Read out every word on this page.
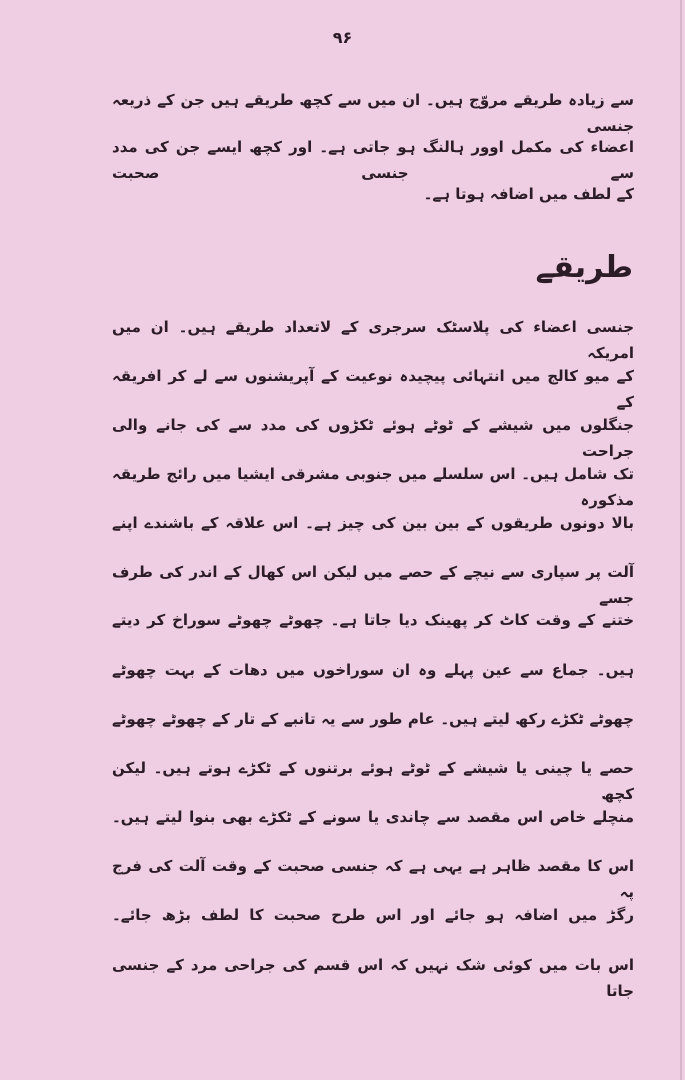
۹۶
سے زیادہ طریقے مروّج ہیں۔ ان میں سے کچھ طریقے ہیں جن کے ذریعہ جنسی
اعضاء کی مکمل اوور ہالنگ ہو جاتی ہے۔ اور کچھ ایسے جن کی مدد سے جنسی صحبت
کے لطف میں اضافہ ہوتا ہے۔
طریقے
جنسی اعضاء کی پلاسٹک سرجری کے لاتعداد طریقے ہیں۔ ان میں امریکہ
کے میو کالج میں انتہائی پیچیدہ نوعیت کے آپریشنوں سے لے کر افریقہ کے
جنگلوں میں شیشے کے ٹوٹے ہوئے ٹکڑوں کی مدد سے کی جانے والی جراحت
تک شامل ہیں۔ اس سلسلے میں جنوبی مشرقی ایشیا میں رائج طریقہ مذکورہ
بالا دونوں طریقوں کے بین بین کی چیز ہے۔ اس علاقہ کے باشندے اپنے
آلت پر سپاری سے نیچے کے حصے میں لیکن اس کھال کے اندر کی طرف جسے
ختنے کے وقت کاٹ کر پھینک دیا جاتا ہے۔ چھوٹے چھوٹے سوراخ کر دیتے
ہیں۔ جماع سے عین پہلے وہ ان سوراخوں میں دھات کے بہت چھوٹے
چھوٹے ٹکڑے رکھ لیتے ہیں۔ عام طور سے یہ تانبے کے تار کے چھوٹے چھوٹے
حصے یا چینی یا شیشے کے ٹوٹے ہوئے برتنوں کے ٹکڑے ہوتے ہیں۔ لیکن کچھ
منچلے خاص اس مقصد سے چاندی یا سونے کے ٹکڑے بھی بنوا لیتے ہیں۔
اس کا مقصد ظاہر ہے یہی ہے کہ جنسی صحبت کے وقت آلت کی فرج پہ
رگڑ میں اضافہ ہو جائے اور اس طرح صحبت کا لطف بڑھ جائے۔
اس بات میں کوئی شک نہیں کہ اس قسم کی جراحی مرد کے جنسی جاتا
